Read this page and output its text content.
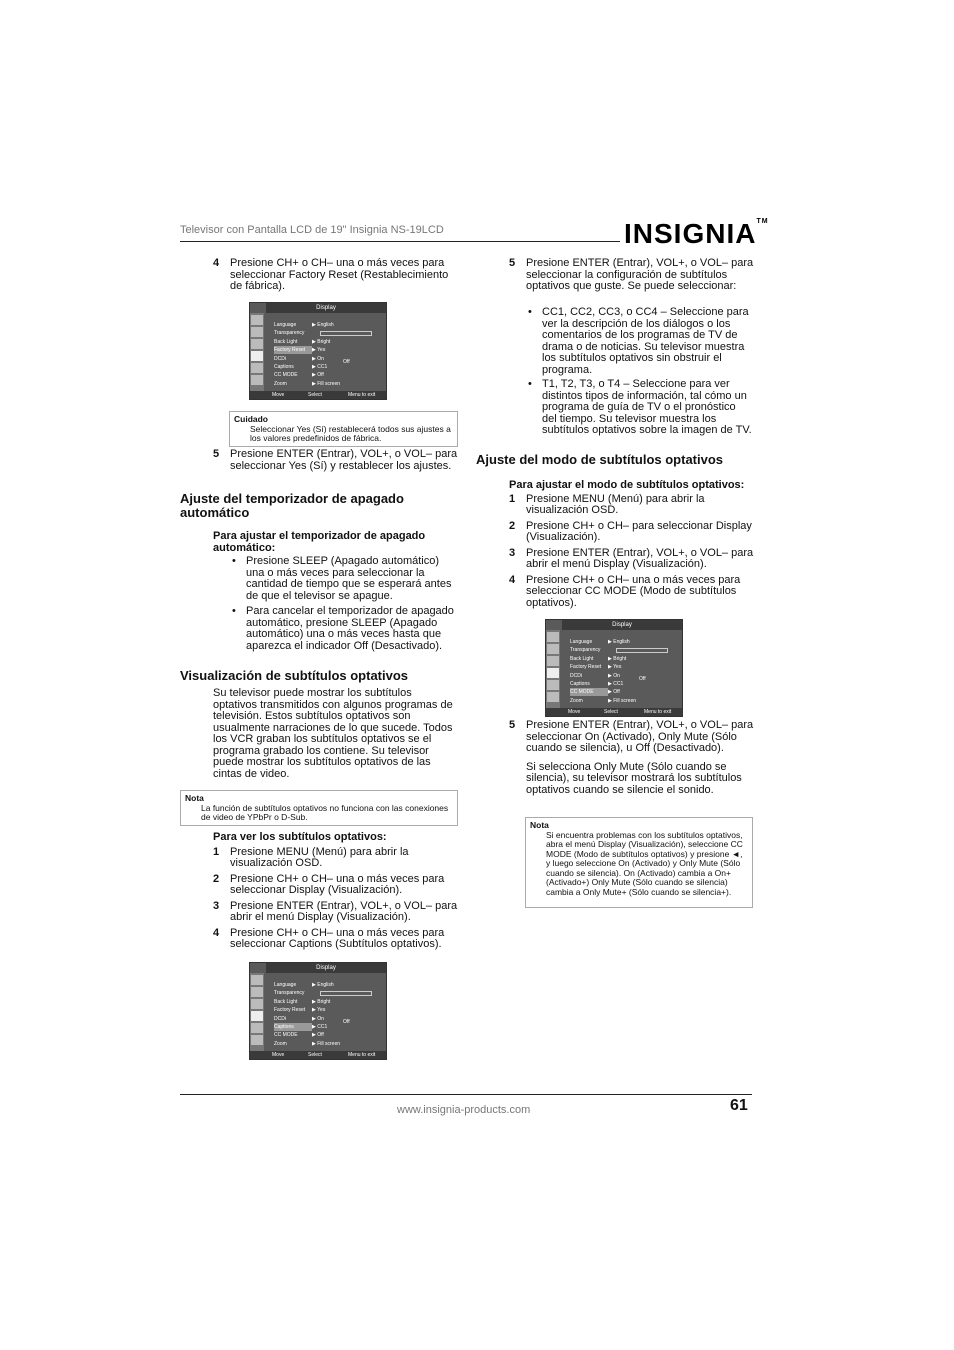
Televisor con Pantalla LCD de 19" Insignia NS-19LCD	INSIGNIA™

4 Presione CH+ o CH– una o más veces para seleccionar Factory Reset (Restablecimiento de fábrica).

Display
Language	▶ English
Transparency
Back Light	▶ Bright
Factory Reset	▶ Yes
DCDi	▶ On
Captions	▶ CC1
CC MODE	▶ Off
Zoom	▶ Fill screen
Off
Move	Select	Menu to exit
Cuidado
Seleccionar Yes (Sí) restablecerá todos sus ajustes a los valores predefinidos de fábrica.

5 Presione ENTER (Entrar), VOL+, o VOL– para seleccionar Yes (Sí) y restablecer los ajustes.

Ajuste del temporizador de apagado automático
Para ajustar el temporizador de apagado automático:

• Presione SLEEP (Apagado automático) una o más veces para seleccionar la cantidad de tiempo que se esperará antes de que el televisor se apague.

• Para cancelar el temporizador de apagado automático, presione SLEEP (Apagado automático) una o más veces hasta que aparezca el indicador Off (Desactivado).

Visualización de subtítulos optativos

Su televisor puede mostrar los subtítulos optativos transmitidos con algunos programas de televisión. Estos subtítulos optativos son usualmente narraciones de lo que sucede. Todos los VCR graban los subtítulos optativos se el programa grabado los contiene. Su televisor puede mostrar los subtítulos optativos de las cintas de video.

Nota
La función de subtítulos optativos no funciona con las conexiones de video de YPbPr o D-Sub.
Para ver los subtítulos optativos:

1 Presione MENU (Menú) para abrir la visualización OSD.

2 Presione CH+ o CH– una o más veces para seleccionar Display (Visualización).

3 Presione ENTER (Entrar), VOL+, o VOL– para abrir el menú Display (Visualización).

4 Presione CH+ o CH– una o más veces para seleccionar Captions (Subtítulos optativos).

Display
Language	▶ English
Transparency
Back Light	▶ Bright
Factory Reset	▶ Yes
DCDi	▶ On
Captions	▶ CC1
CC MODE	▶ Off
Zoom	▶ Fill screen
Off
Move	Select	Menu to exit

5 Presione ENTER (Entrar), VOL+, o VOL– para seleccionar la configuración de subtítulos optativos que guste. Se puede seleccionar:

• CC1, CC2, CC3, o CC4 – Seleccione para ver la descripción de los diálogos o los comentarios de los programas de TV de drama o de noticias. Su televisor muestra los subtítulos optativos sin obstruir el programa.

• T1, T2, T3, o T4 – Seleccione para ver distintos tipos de información, tal cómo un programa de guía de TV o el pronóstico del tiempo. Su televisor muestra los subtítulos optativos sobre la imagen de TV.

Ajuste del modo de subtítulos optativos
Para ajustar el modo de subtítulos optativos:

1 Presione MENU (Menú) para abrir la visualización OSD.

2 Presione CH+ o CH– para seleccionar Display (Visualización).

3 Presione ENTER (Entrar), VOL+, o VOL– para abrir el menú Display (Visualización).

4 Presione CH+ o CH– una o más veces para seleccionar CC MODE (Modo de subtítulos optativos).

Display
Language	▶ English
Transparency
Back Light	▶ Bright
Factory Reset	▶ Yes
DCDi	▶ On
Captions	▶ CC1
CC MODE	▶ Off
Zoom	▶ Fill screen
Off
Move	Select	Menu to exit

5 Presione ENTER (Entrar), VOL+, o VOL– para seleccionar On (Activado), Only Mute (Sólo cuando se silencia), u Off (Desactivado).

Si selecciona Only Mute (Sólo cuando se silencia), su televisor mostrará los subtítulos optativos cuando se silencie el sonido.

Nota
Si encuentra problemas con los subtítulos optativos, abra el menú Display (Visualización), seleccione CC MODE (Modo de subtítulos optativos) y presione ◄, y luego seleccione On (Activado) y Only Mute (Sólo cuando se silencia). On (Activado) cambia a On+ (Activado+) Only Mute (Sólo cuando se silencia) cambia a Only Mute+ (Sólo cuando se silencia+).
www.insignia-products.com	61
